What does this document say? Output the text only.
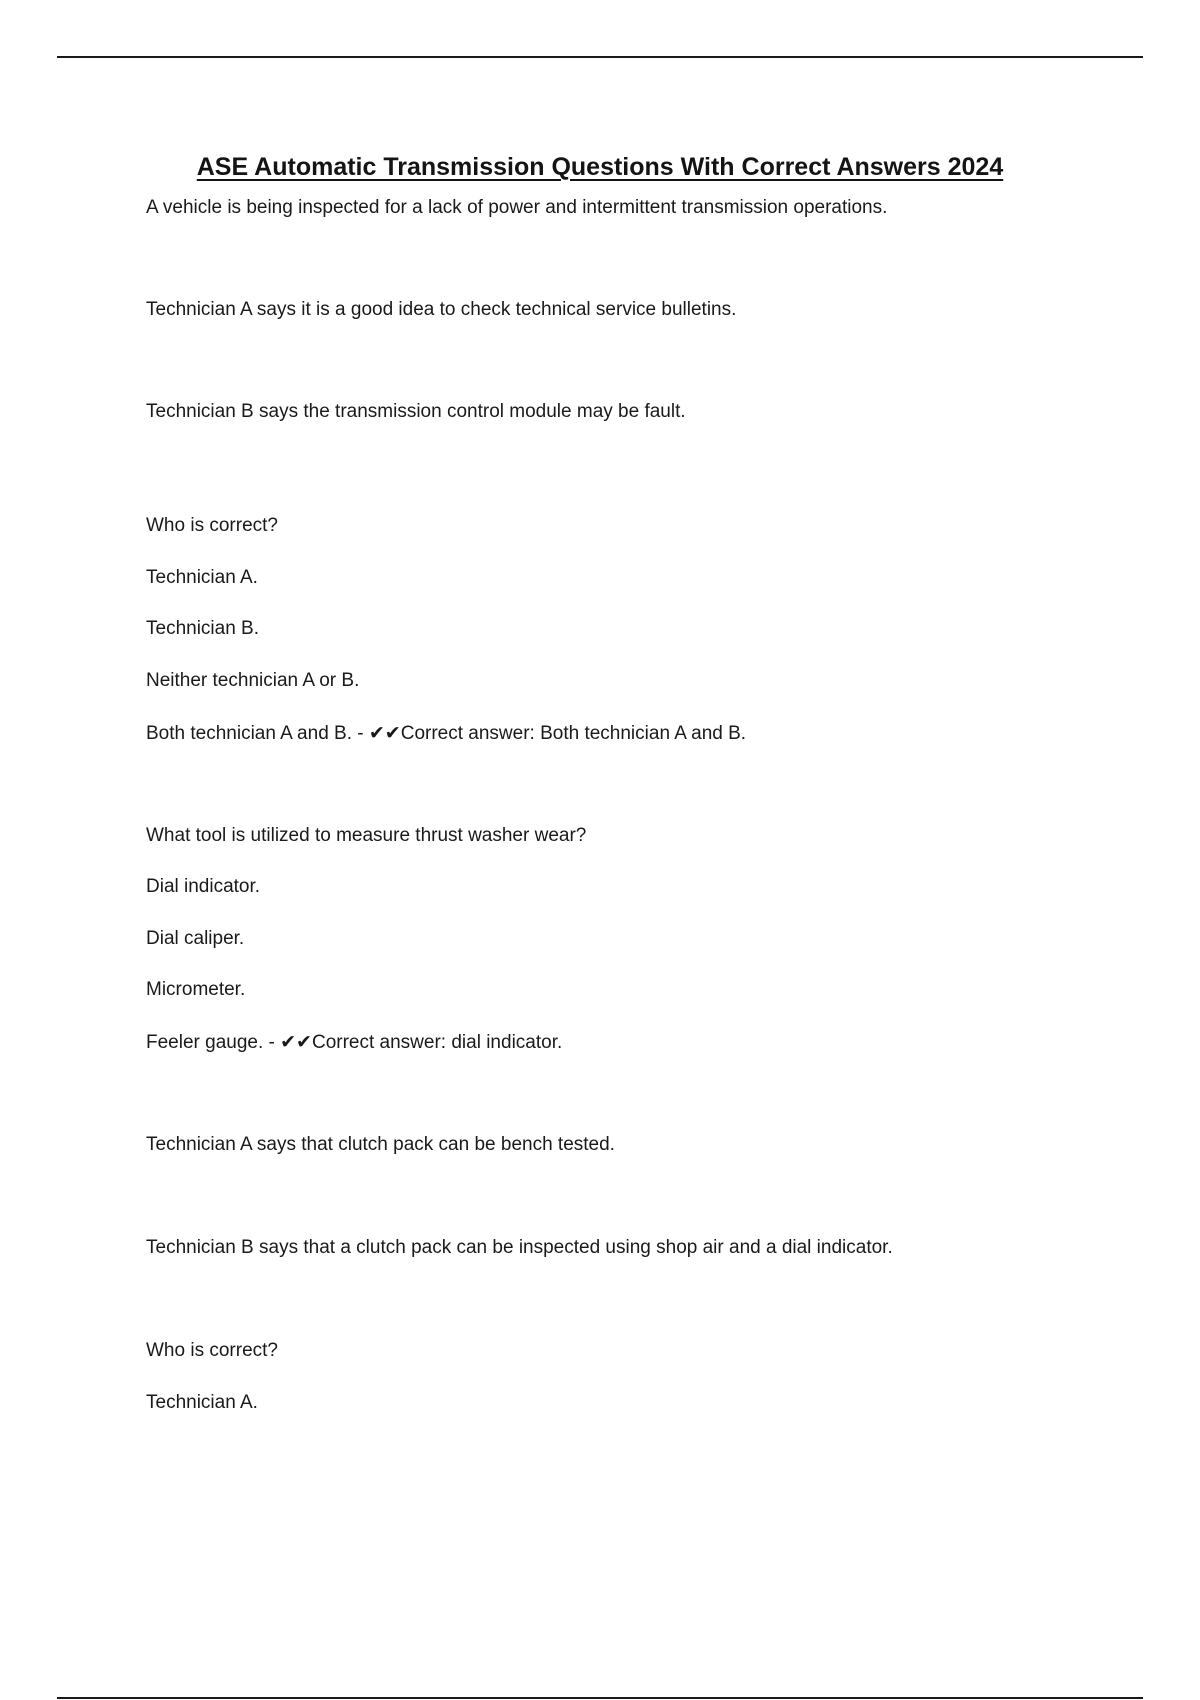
ASE Automatic Transmission Questions With Correct Answers 2024

A vehicle is being inspected for a lack of power and intermittent transmission operations.

Technician A says it is a good idea to check technical service bulletins.

Technician B says the transmission control module may be fault.

Who is correct?

Technician A.

Technician B.

Neither technician A or B.

Both technician A and B. - ✔✔Correct answer: Both technician A and B.

What tool is utilized to measure thrust washer wear?

Dial indicator.

Dial caliper.

Micrometer.

Feeler gauge. - ✔✔Correct answer: dial indicator.

Technician A says that clutch pack can be bench tested.

Technician B says that a clutch pack can be inspected using shop air and a dial indicator.

Who is correct?

Technician A.
